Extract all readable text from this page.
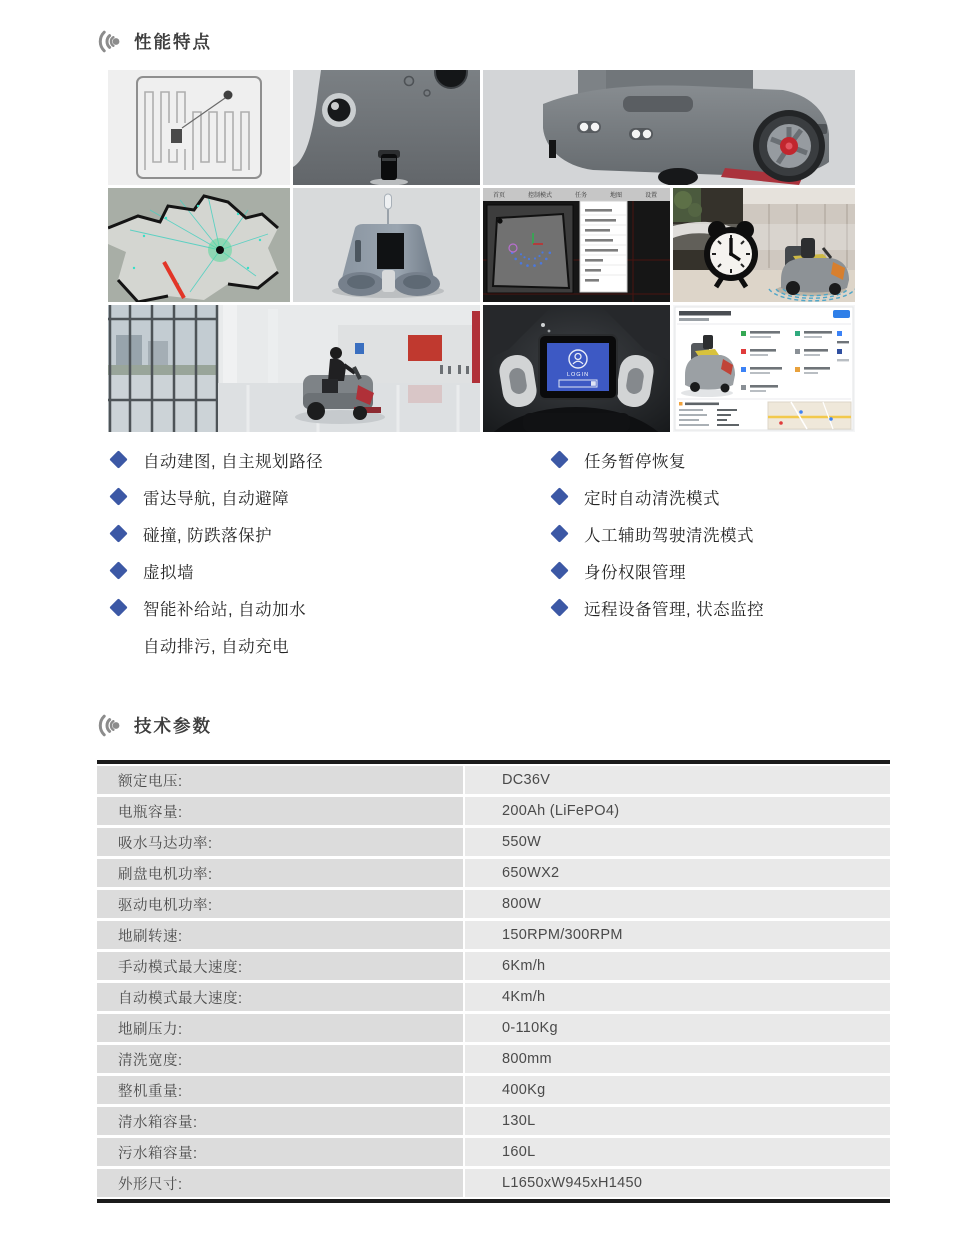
性能特点
首页	控制模式	任务	地图	设置
LOGIN
自动建图, 自主规划路径
雷达导航, 自动避障
碰撞, 防跌落保护
虚拟墙
智能补给站, 自动加水
自动排污, 自动充电
任务暂停恢复
定时自动清洗模式
人工辅助驾驶清洗模式
身份权限管理
远程设备管理, 状态监控
技术参数
额定电压:	DC36V
电瓶容量:	200Ah (LiFePO4)
吸水马达功率:	550W
刷盘电机功率:	650WX2
驱动电机功率:	800W
地刷转速:	150RPM/300RPM
手动模式最大速度:	6Km/h
自动模式最大速度:	4Km/h
地刷压力:	0-110Kg
清洗宽度:	800mm
整机重量:	400Kg
清水箱容量:	130L
污水箱容量:	160L
外形尺寸:	L1650xW945xH1450
